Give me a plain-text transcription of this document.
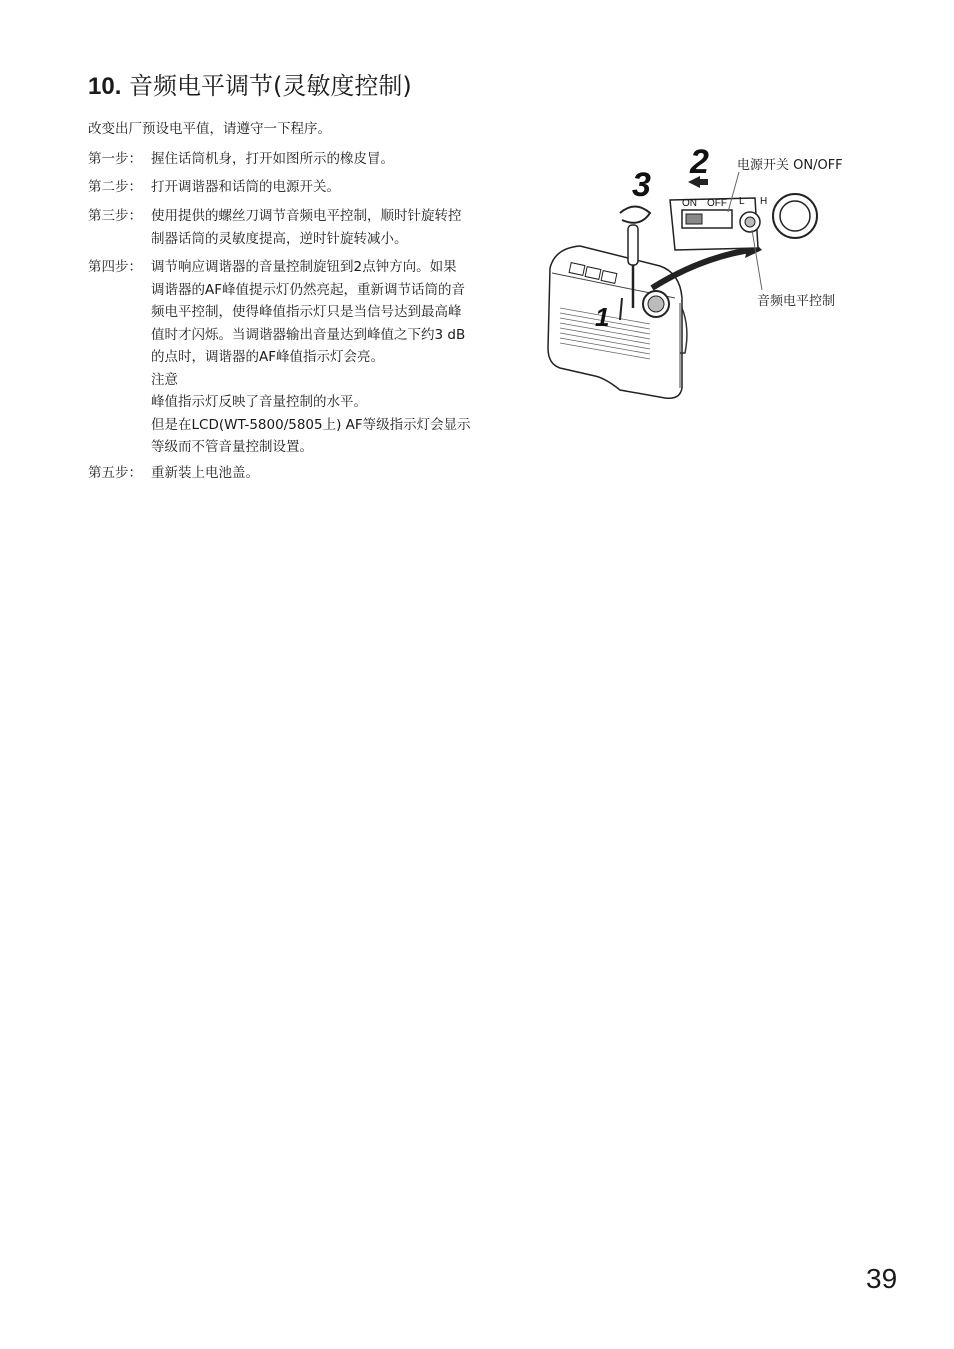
10. 音频电平调节(灵敏度控制)
改变出厂预设电平值，请遵守一下程序。
第一步： 握住话筒机身，打开如图所示的橡皮冒。
第二步： 打开调谐器和话筒的电源开关。
第三步： 使用提供的螺丝刀调节音频电平控制，顺时针旋转控
制器话筒的灵敏度提高，逆时针旋转减小。
第四步： 调节响应调谐器的音量控制旋钮到2点钟方向。如果
调谐器的AF峰值提示灯仍然亮起，重新调节话筒的音
频电平控制，使得峰值指示灯只是当信号达到最高峰
值时才闪烁。当调谐器输出音量达到峰值之下约3 dB
的点时，调谐器的AF峰值指示灯会亮。
注意
峰值指示灯反映了音量控制的水平。
但是在LCD(WT-5800/5805上) AF等级指示灯会显示
等级而不管音量控制设置。
第五步： 重新装上电池盖。
1
2
3	ON OFF L H
电源开关 ON/OFF
音频电平控制
39
